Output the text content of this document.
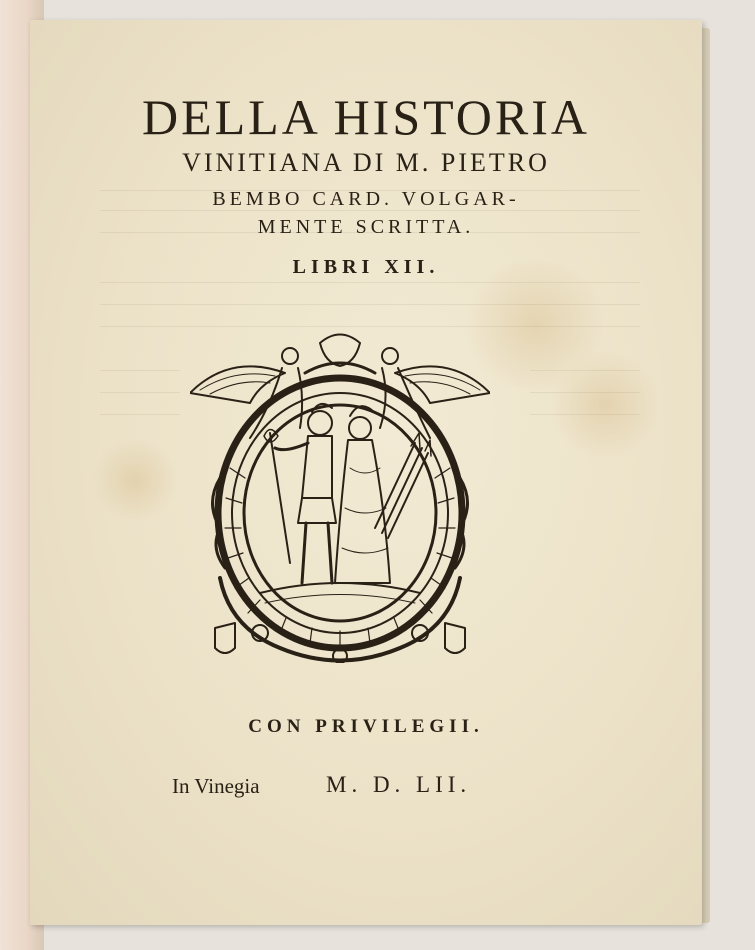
DELLA HISTORIA
VINITIANA DI M. PIETRO
BEMBO CARD. VOLGAR-
MENTE SCRITTA.
LIBRI XII.
CON PRIVILEGII.
In Vinegia	M. D. LII.
